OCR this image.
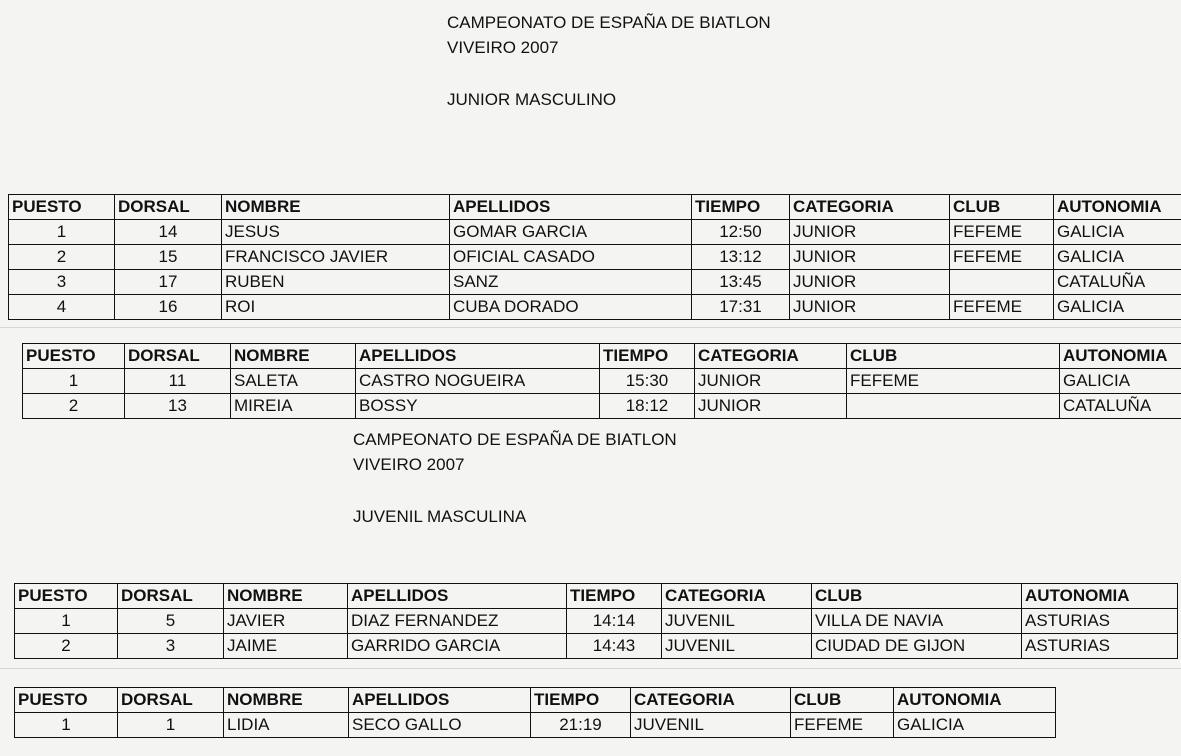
CAMPEONATO DE ESPAÑA DE BIATLON
VIVEIRO 2007
JUNIOR MASCULINO
PUESTO	DORSAL	NOMBRE	APELLIDOS	TIEMPO	CATEGORIA	CLUB	AUTONOMIA
1	14	JESUS	GOMAR GARCIA	12:50	JUNIOR	FEFEME	GALICIA
2	15	FRANCISCO JAVIER	OFICIAL CASADO	13:12	JUNIOR	FEFEME	GALICIA
3	17	RUBEN	SANZ	13:45	JUNIOR		CATALUÑA
4	16	ROI	CUBA DORADO	17:31	JUNIOR	FEFEME	GALICIA
PUESTO	DORSAL	NOMBRE	APELLIDOS	TIEMPO	CATEGORIA	CLUB	AUTONOMIA
1	11	SALETA	CASTRO NOGUEIRA	15:30	JUNIOR	FEFEME	GALICIA
2	13	MIREIA	BOSSY	18:12	JUNIOR		CATALUÑA
CAMPEONATO DE ESPAÑA DE BIATLON
VIVEIRO 2007
JUVENIL MASCULINA
PUESTO	DORSAL	NOMBRE	APELLIDOS	TIEMPO	CATEGORIA	CLUB	AUTONOMIA
1	5	JAVIER	DIAZ FERNANDEZ	14:14	JUVENIL	VILLA DE NAVIA	ASTURIAS
2	3	JAIME	GARRIDO GARCIA	14:43	JUVENIL	CIUDAD DE GIJON	ASTURIAS
PUESTO	DORSAL	NOMBRE	APELLIDOS	TIEMPO	CATEGORIA	CLUB	AUTONOMIA
1	1	LIDIA	SECO GALLO	21:19	JUVENIL	FEFEME	GALICIA
